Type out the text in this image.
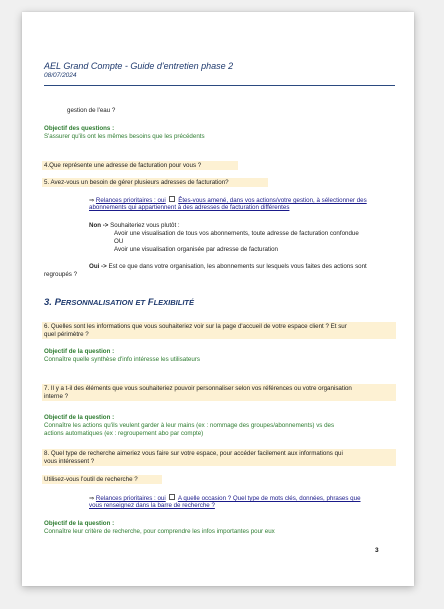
AEL Grand Compte - Guide d'entretien phase 2
08/07/2024
gestion de l'eau ?
Objectif des questions :
S'assurer qu'ils ont les mêmes besoins que les précédents
4.Que représente une adresse de facturation pour vous ?
5. Avez-vous un besoin de gérer plusieurs adresses de facturation?
⇒ Relances prioritaires : oui Êtes-vous amené, dans vos actions/votre gestion, à sélectionner des
abonnements qui appartiennent à des adresses de facturation différentes
Non -> Souhaiteriez vous plutôt :
Avoir une visualisation de tous vos abonnements, toute adresse de facturation confondue
OU
Avoir une visualisation organisée par adresse de facturation
Oui -> Est ce que dans votre organisation, les abonnements sur lesquels vous faites des actions sont
regroupés ?
3. PERSONNALISATION ET FLEXIBILITÉ
6. Quelles sont les informations que vous souhaiteriez voir sur la page d'accueil de votre espace client ? Et sur
quel périmètre ?
Objectif de la question :
Connaître quelle synthèse d'info intéresse les utilisateurs
7. Il y a t-il des éléments que vous souhaiteriez pouvoir personnaliser selon vos références ou votre organisation
interne ?
Objectif de la question :
Connaître les actions qu'ils veulent garder à leur mains (ex : nommage des groupes/abonnements) vs des
actions automatiques (ex : regroupement abo par compte)
8. Quel type de recherche aimeriez vous faire sur votre espace, pour accéder facilement aux informations qui
vous intéressent ?
Utilisez-vous l'outil de recherche ?
⇒ Relances prioritaires : oui A quelle occasion ? Quel type de mots clés, données, phrases que
vous renseignez dans la barre de recherche ?
Objectif de la question :
Connaître leur critère de recherche, pour comprendre les infos importantes pour eux
3
